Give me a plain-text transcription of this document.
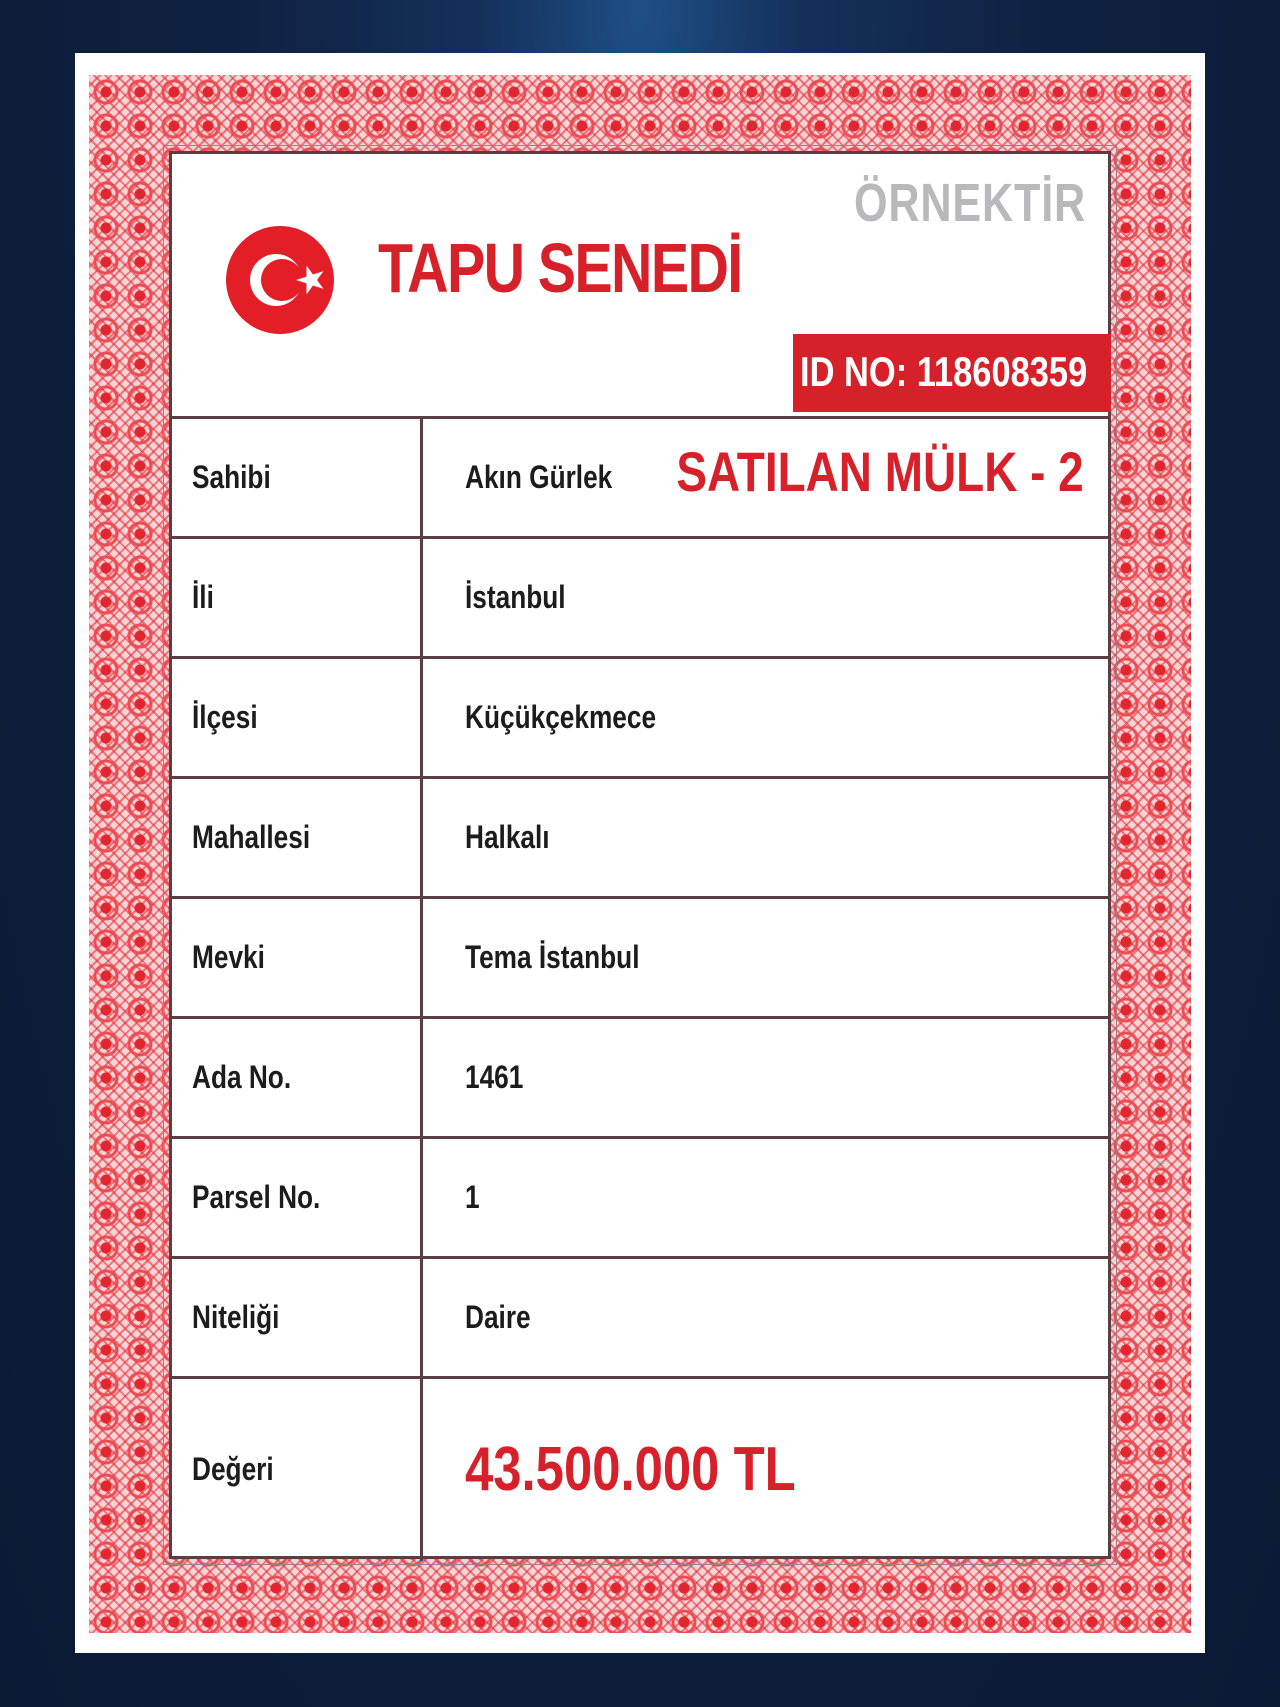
ÖRNEKTİR
TAPU SENEDİ
ID NO: 118608359
Sahibi	Akın Gürlek SATILAN MÜLK - 2

İli	İstanbul
İlçesi	Küçükçekmece
Mahallesi	Halkalı
Mevki	Tema İstanbul
Ada No.	1461
Parsel No.	1
Niteliği	Daire
Değeri	43.500.000 TL
